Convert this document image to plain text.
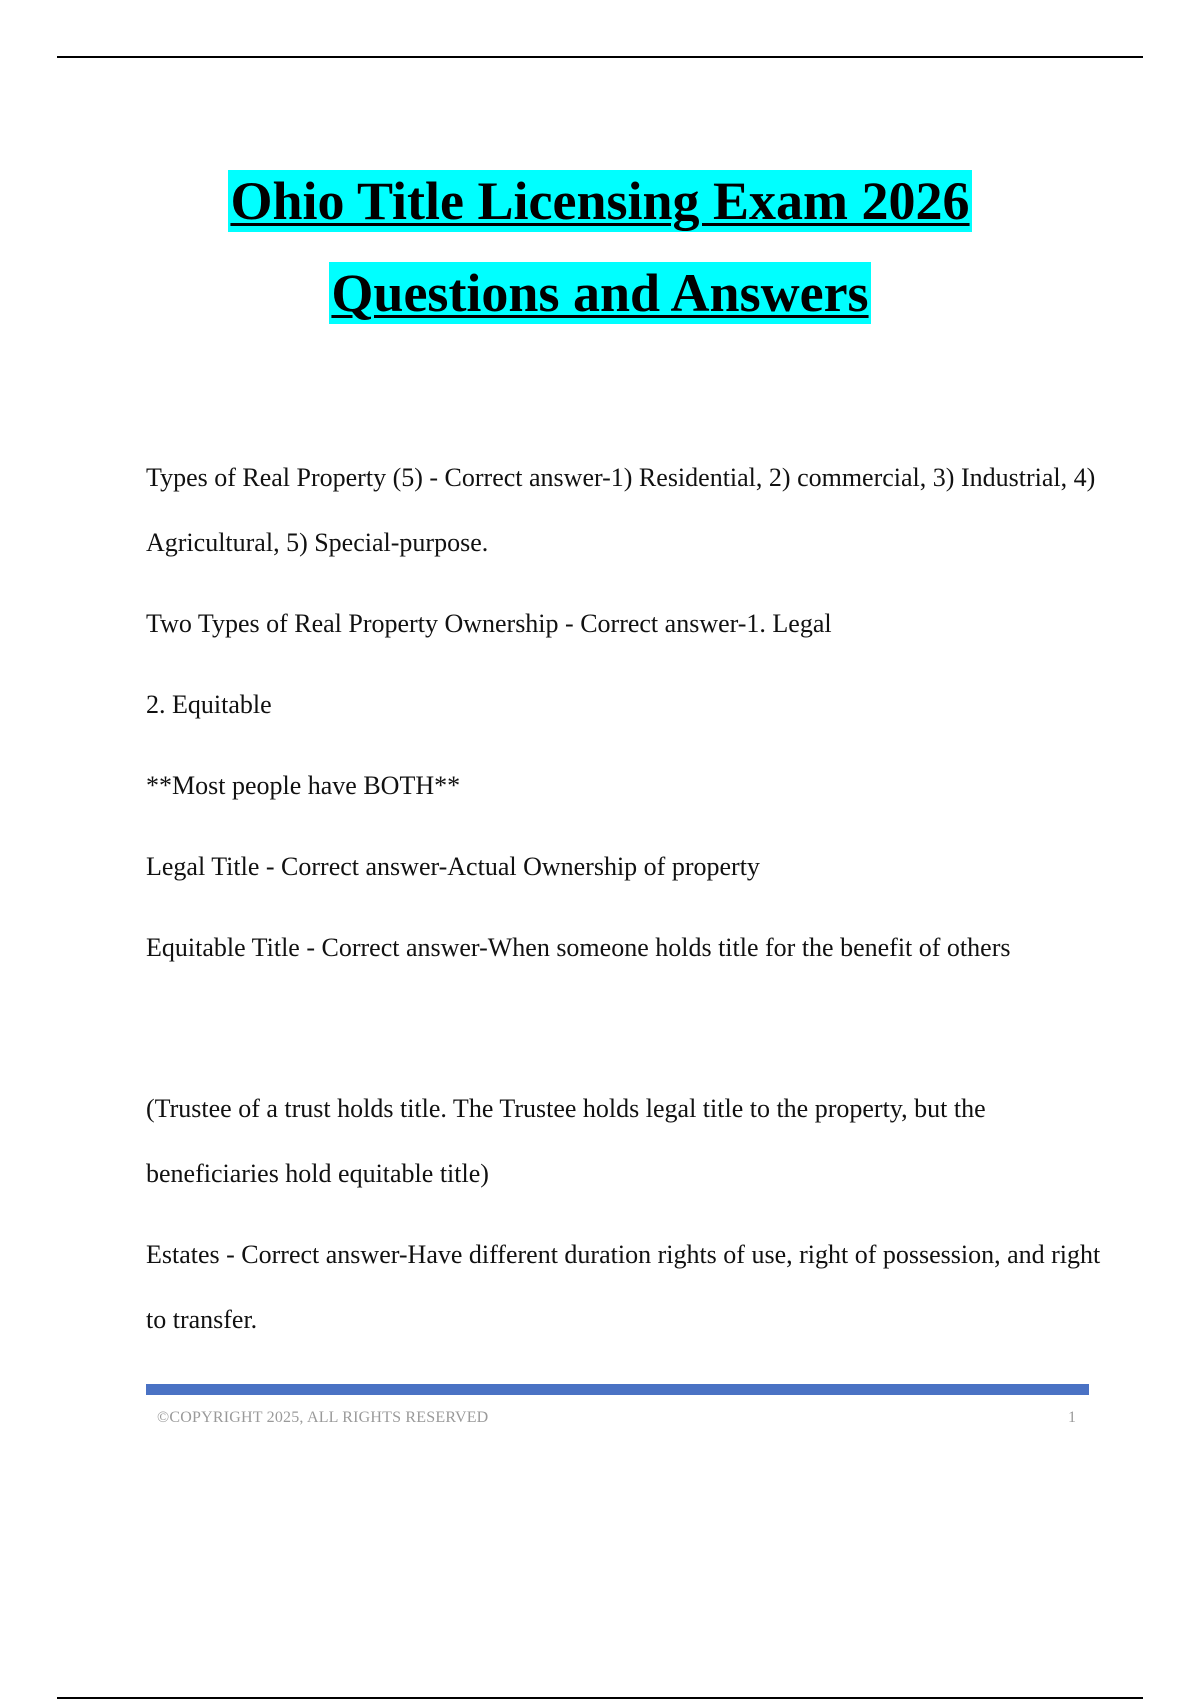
Ohio Title Licensing Exam 2026
Questions and Answers

Types of Real Property (5) - Correct answer-1) Residential, 2) commercial, 3) Industrial, 4) Agricultural, 5) Special-purpose.

Two Types of Real Property Ownership - Correct answer-1. Legal

2. Equitable

**Most people have BOTH**

Legal Title - Correct answer-Actual Ownership of property

Equitable Title - Correct answer-When someone holds title for the benefit of others

(Trustee of a trust holds title. The Trustee holds legal title to the property, but the beneficiaries hold equitable title)

Estates - Correct answer-Have different duration rights of use, right of possession, and right to transfer.

©COPYRIGHT 2025, ALL RIGHTS RESERVED	1
